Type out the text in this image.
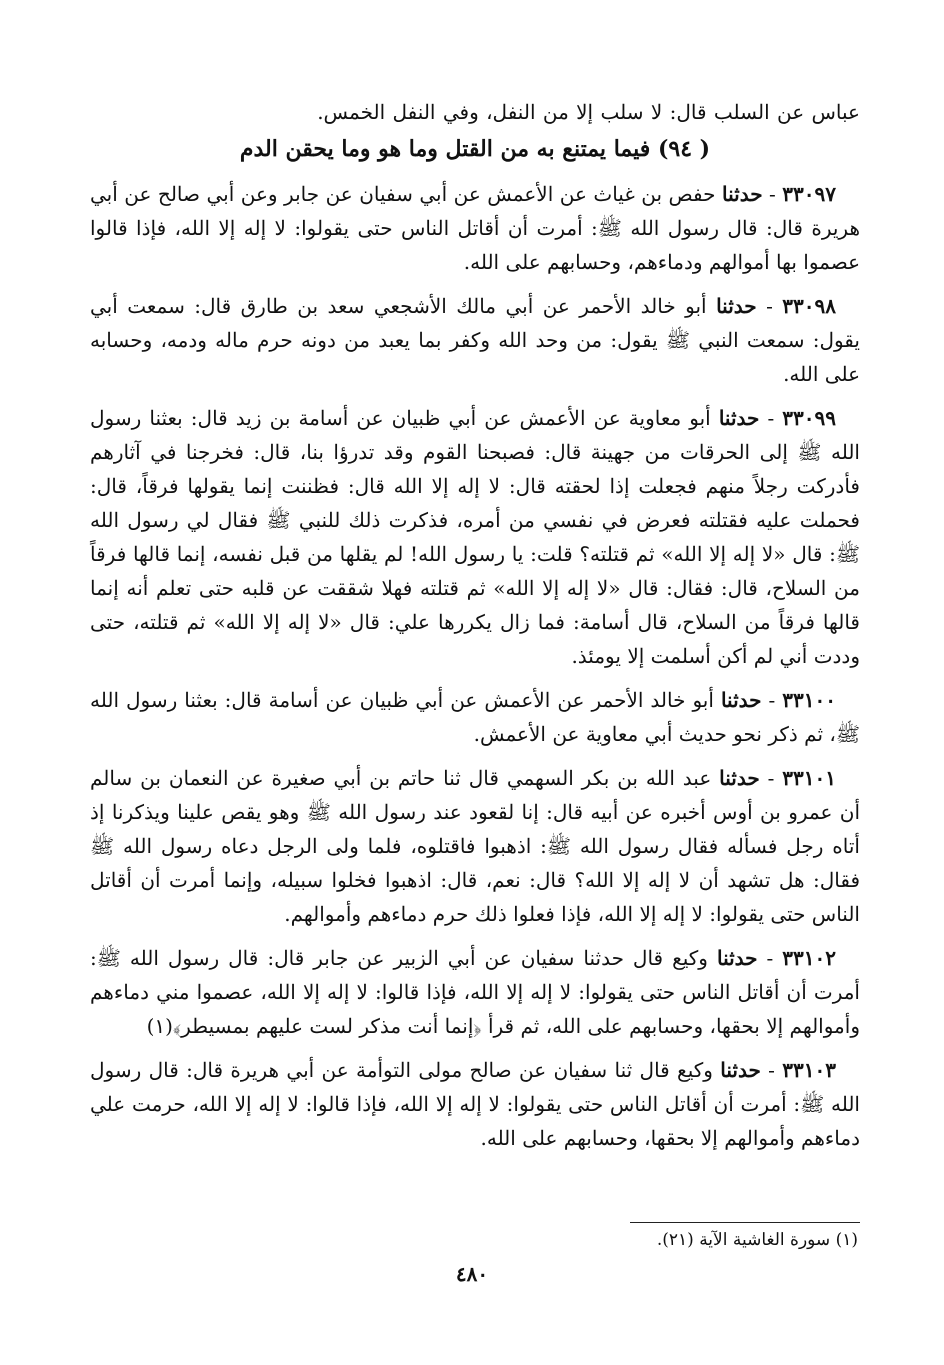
عباس عن السلب قال: لا سلب إلا من النفل، وفي النفل الخمس.

( ٩٤) فيما يمتنع به من القتل وما هو وما يحقن الدم

٣٣٠٩٧ - حدثنا حفص بن غياث عن الأعمش عن أبي سفيان عن جابر وعن أبي صالح عن أبي هريرة قال: قال رسول الله ﷺ: أمرت أن أقاتل الناس حتى يقولوا: لا إله إلا الله، فإذا قالوا عصموا بها أموالهم ودماءهم، وحسابهم على الله.

٣٣٠٩٨ - حدثنا أبو خالد الأحمر عن أبي مالك الأشجعي سعد بن طارق قال: سمعت أبي يقول: سمعت النبي ﷺ يقول: من وحد الله وكفر بما يعبد من دونه حرم ماله ودمه، وحسابه على الله.

٣٣٠٩٩ - حدثنا أبو معاوية عن الأعمش عن أبي ظبيان عن أسامة بن زيد قال: بعثنا رسول الله ﷺ إلى الحرقات من جهينة قال: فصبحنا القوم وقد تدرؤا بنا، قال: فخرجنا في آثارهم فأدركت رجلاً منهم فجعلت إذا لحقته قال: لا إله إلا الله قال: فظننت إنما يقولها فرقاً، قال: فحملت عليه فقتلته فعرض في نفسي من أمره، فذكرت ذلك للنبي ﷺ فقال لي رسول الله ﷺ: قال «لا إله إلا الله» ثم قتلته؟ قلت: يا رسول الله! لم يقلها من قبل نفسه، إنما قالها فرقاً من السلاح، قال: فقال: قال «لا إله إلا الله» ثم قتلته فهلا شققت عن قلبه حتى تعلم أنه إنما قالها فرقاً من السلاح، قال أسامة: فما زال يكررها علي: قال «لا إله إلا الله» ثم قتلته، حتى وددت أني لم أكن أسلمت إلا يومئذ.

٣٣١٠٠ - حدثنا أبو خالد الأحمر عن الأعمش عن أبي ظبيان عن أسامة قال: بعثنا رسول الله ﷺ، ثم ذكر نحو حديث أبي معاوية عن الأعمش.

٣٣١٠١ - حدثنا عبد الله بن بكر السهمي قال ثنا حاتم بن أبي صغيرة عن النعمان بن سالم أن عمرو بن أوس أخبره عن أبيه قال: إنا لقعود عند رسول الله ﷺ وهو يقص علينا ويذكرنا إذ أتاه رجل فسأله فقال رسول الله ﷺ: اذهبوا فاقتلوه، فلما ولى الرجل دعاه رسول الله ﷺ فقال: هل تشهد أن لا إله إلا الله؟ قال: نعم، قال: اذهبوا فخلوا سبيله، وإنما أمرت أن أقاتل الناس حتى يقولوا: لا إله إلا الله، فإذا فعلوا ذلك حرم دماءهم وأموالهم.

٣٣١٠٢ - حدثنا وكيع قال حدثنا سفيان عن أبي الزبير عن جابر قال: قال رسول الله ﷺ: أمرت أن أقاتل الناس حتى يقولوا: لا إله إلا الله، فإذا قالوا: لا إله إلا الله، عصموا مني دماءهم وأموالهم إلا بحقها، وحسابهم على الله، ثم قرأ ﴿إنما أنت مذكر لست عليهم بمسيطر﴾(١)

٣٣١٠٣ - حدثنا وكيع قال ثنا سفيان عن صالح مولى التوأمة عن أبي هريرة قال: قال رسول الله ﷺ: أمرت أن أقاتل الناس حتى يقولوا: لا إله إلا الله، فإذا قالوا: لا إله إلا الله، حرمت علي دماءهم وأموالهم إلا بحقها، وحسابهم على الله.

(١) سورة الغاشية الآية (٢١).
٤٨٠
